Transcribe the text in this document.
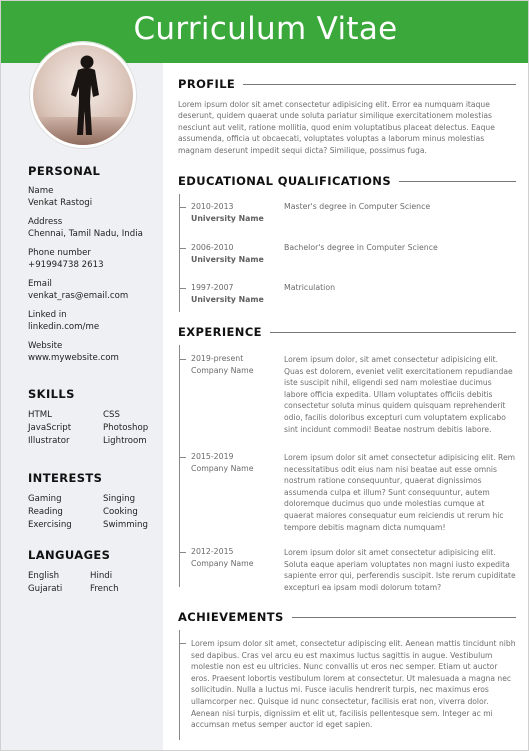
Curriculum Vitae
PERSONAL
Name
Venkat Rastogi
Address
Chennai, Tamil Nadu, India
Phone number
+91994738 2613
Email
venkat_ras@email.com
Linked in
linkedin.com/me
Website
www.mywebsite.com
SKILLS
HTML	CSS
JavaScript	Photoshop
Illustrator	Lightroom
INTERESTS
Gaming	Singing
Reading	Cooking
Exercising	Swimming
LANGUAGES
English	Hindi
Gujarati	French
PROFILE
Lorem ipsum dolor sit amet consectetur adipisicing elit. Error ea numquam itaque deserunt, quidem quaerat unde soluta pariatur similique exercitationem molestias nesciunt aut velit, ratione mollitia, quod enim voluptatibus placeat delectus. Eaque assumenda, officia ut obcaecati, voluptates voluptas a laborum minus molestias magnam deserunt impedit sequi dicta? Similique, possimus fuga.
EDUCATIONAL QUALIFICATIONS
2010-2013
University Name
Master's degree in Computer Science
2006-2010
University Name
Bachelor's degree in Computer Science
1997-2007
University Name
Matriculation
EXPERIENCE
2019-present
Company Name
Lorem ipsum dolor, sit amet consectetur adipisicing elit. Quas est dolorem, eveniet velit exercitationem repudiandae iste suscipit nihil, eligendi sed nam molestiae ducimus labore officia expedita. Ullam voluptates officiis debitis consectetur soluta minus quidem quisquam reprehenderit odio, facilis doloribus excepturi cum voluptatem explicabo sint incidunt commodi! Beatae nostrum debitis labore.
2015-2019
Company Name
Lorem ipsum dolor sit amet consectetur adipisicing elit. Rem necessitatibus odit eius nam nisi beatae aut esse omnis nostrum ratione consequuntur, quaerat dignissimos assumenda culpa et illum? Sunt consequuntur, autem doloremque ducimus quo unde molestias cumque at quaerat maiores consequatur eum reiciendis ut rerum hic tempore debitis magnam dicta numquam!
2012-2015
Company Name
Lorem ipsum dolor sit amet consectetur adipisicing elit. Soluta eaque aperiam voluptates non magni iusto expedita sapiente error qui, perferendis suscipit. Iste rerum cupiditate excepturi ea ipsam modi dolorum totam?
ACHIEVEMENTS
Lorem ipsum dolor sit amet, consectetur adipiscing elit. Aenean mattis tincidunt nibh sed dapibus. Cras vel arcu eu est maximus luctus sagittis in augue. Vestibulum molestie non est eu ultricies. Nunc convallis ut eros nec semper. Etiam ut auctor eros. Praesent lobortis vestibulum lorem at consectetur. Ut malesuada a magna nec sollicitudin. Nulla a luctus mi. Fusce iaculis hendrerit turpis, nec maximus eros ullamcorper nec. Quisque id nunc consectetur, facilisis erat non, viverra dolor. Aenean nisi turpis, dignissim et elit ut, facilisis pellentesque sem. Integer ac mi accumsan metus semper auctor id eget sapien.
